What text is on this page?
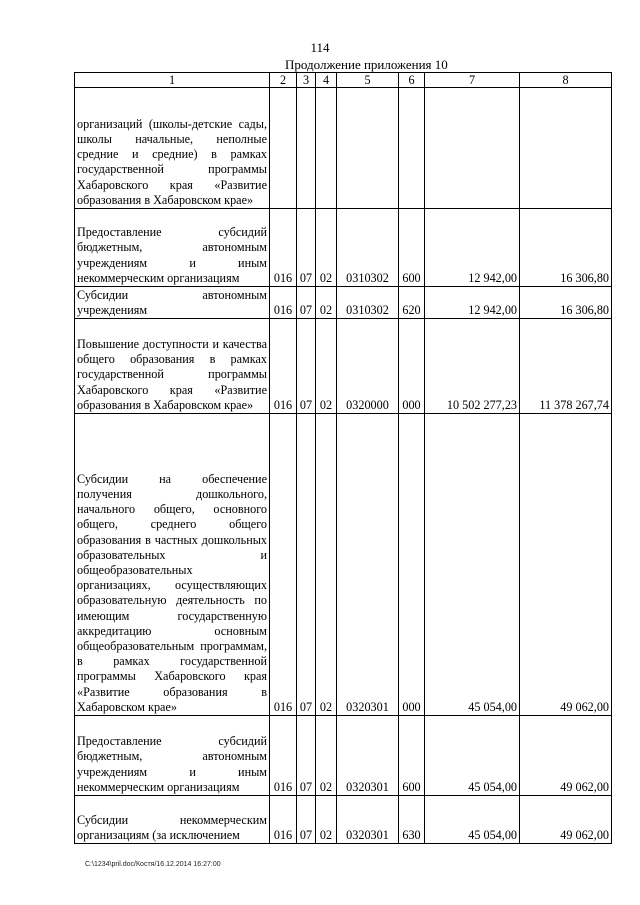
114
Продолжение приложения 10
1	2	3	4	5	6	7	8
организаций (школы-детские сады, школы начальные, неполные средние и средние) в рамках государственной программы Хабаровского края «Развитие образования в Хабаровском крае»							
Предоставление субсидий бюджетным, автономным учреждениям и иным некоммерческим организациям	016	07	02	0310302	600	12 942,00	16 306,80
Субсидии автономным учреждениям	016	07	02	0310302	620	12 942,00	16 306,80
Повышение доступности и качества общего образования в рамках государственной программы Хабаровского края «Развитие образования в Хабаровском крае»	016	07	02	0320000	000	10 502 277,23	11 378 267,74
Субсидии на обеспечение получения дошкольного, начального общего, основного общего, среднего общего образования в частных дошкольных образовательных и общеобразовательных организациях, осуществляющих образовательную деятельность по имеющим государственную аккредитацию основным общеобразовательным программам, в рамках государственной программы Хабаровского края «Развитие образования в Хабаровском крае»	016	07	02	0320301	000	45 054,00	49 062,00
Предоставление субсидий бюджетным, автономным учреждениям и иным некоммерческим организациям	016	07	02	0320301	600	45 054,00	49 062,00
Субсидии некоммерческим организациям (за исключением	016	07	02	0320301	630	45 054,00	49 062,00
C:\1234\pril.doc/Костя/16.12.2014 16:27:00
